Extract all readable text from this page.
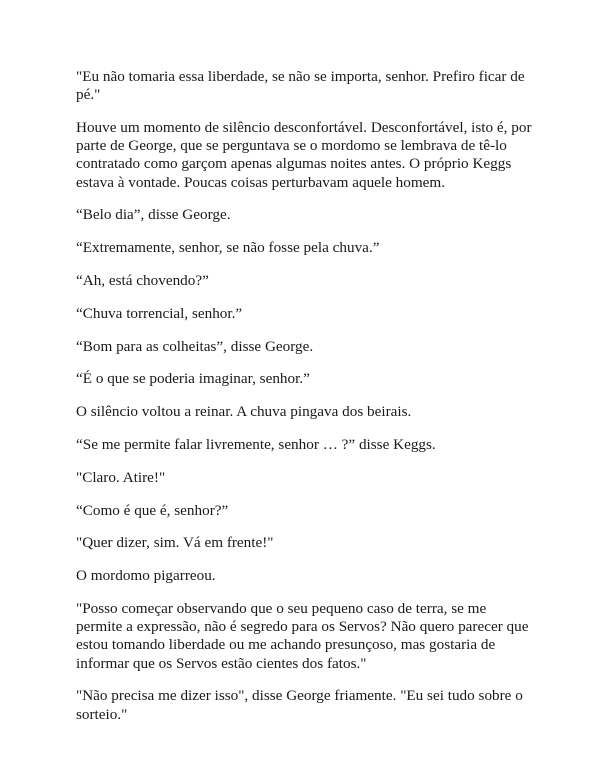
"Eu não tomaria essa liberdade, se não se importa, senhor. Prefiro ficar de pé."

Houve um momento de silêncio desconfortável. Desconfortável, isto é, por parte de George, que se perguntava se o mordomo se lembrava de tê-lo contratado como garçom apenas algumas noites antes. O próprio Keggs estava à vontade. Poucas coisas perturbavam aquele homem.

“Belo dia”, disse George.

“Extremamente, senhor, se não fosse pela chuva.”

“Ah, está chovendo?”

“Chuva torrencial, senhor.”

“Bom para as colheitas”, disse George.

“É o que se poderia imaginar, senhor.”

O silêncio voltou a reinar. A chuva pingava dos beirais.

“Se me permite falar livremente, senhor … ?” disse Keggs.

"Claro. Atire!"

“Como é que é, senhor?”

"Quer dizer, sim. Vá em frente!"

O mordomo pigarreou.

"Posso começar observando que o seu pequeno caso de terra, se me permite a expressão, não é segredo para os Servos? Não quero parecer que estou tomando liberdade ou me achando presunçoso, mas gostaria de informar que os Servos estão cientes dos fatos."

"Não precisa me dizer isso", disse George friamente. "Eu sei tudo sobre o sorteio."
